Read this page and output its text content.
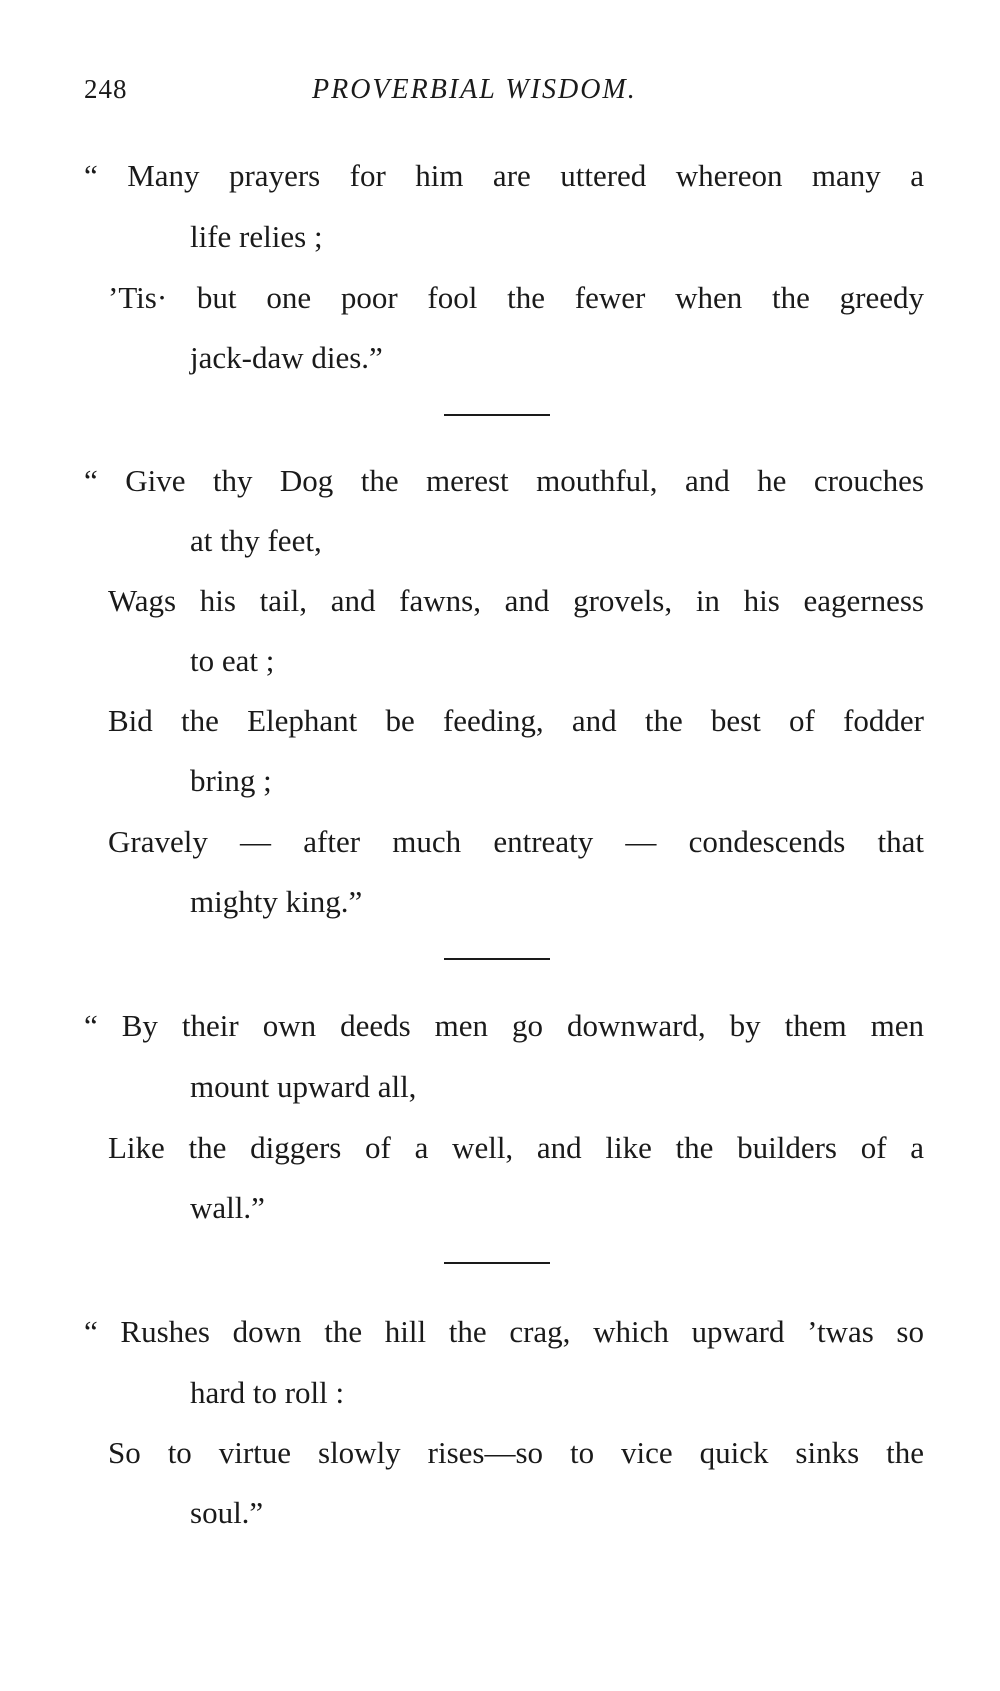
248	PROVERBIAL WISDOM.
“ Many prayers for him are uttered whereon many a
life relies ;
’Tis· but one poor fool the fewer when the greedy
jack-daw dies.”
“ Give thy Dog the merest mouthful, and he crouches
at thy feet,
Wags his tail, and fawns, and grovels, in his eagerness
to eat ;
Bid the Elephant be feeding, and the best of fodder
bring ;
Gravely — after much entreaty — condescends that
mighty king.”
“ By their own deeds men go downward, by them men
mount upward all,
Like the diggers of a well, and like the builders of a
wall.”
“ Rushes down the hill the crag, which upward ’twas so
hard to roll :
So to virtue slowly rises—so to vice quick sinks the
soul.”
